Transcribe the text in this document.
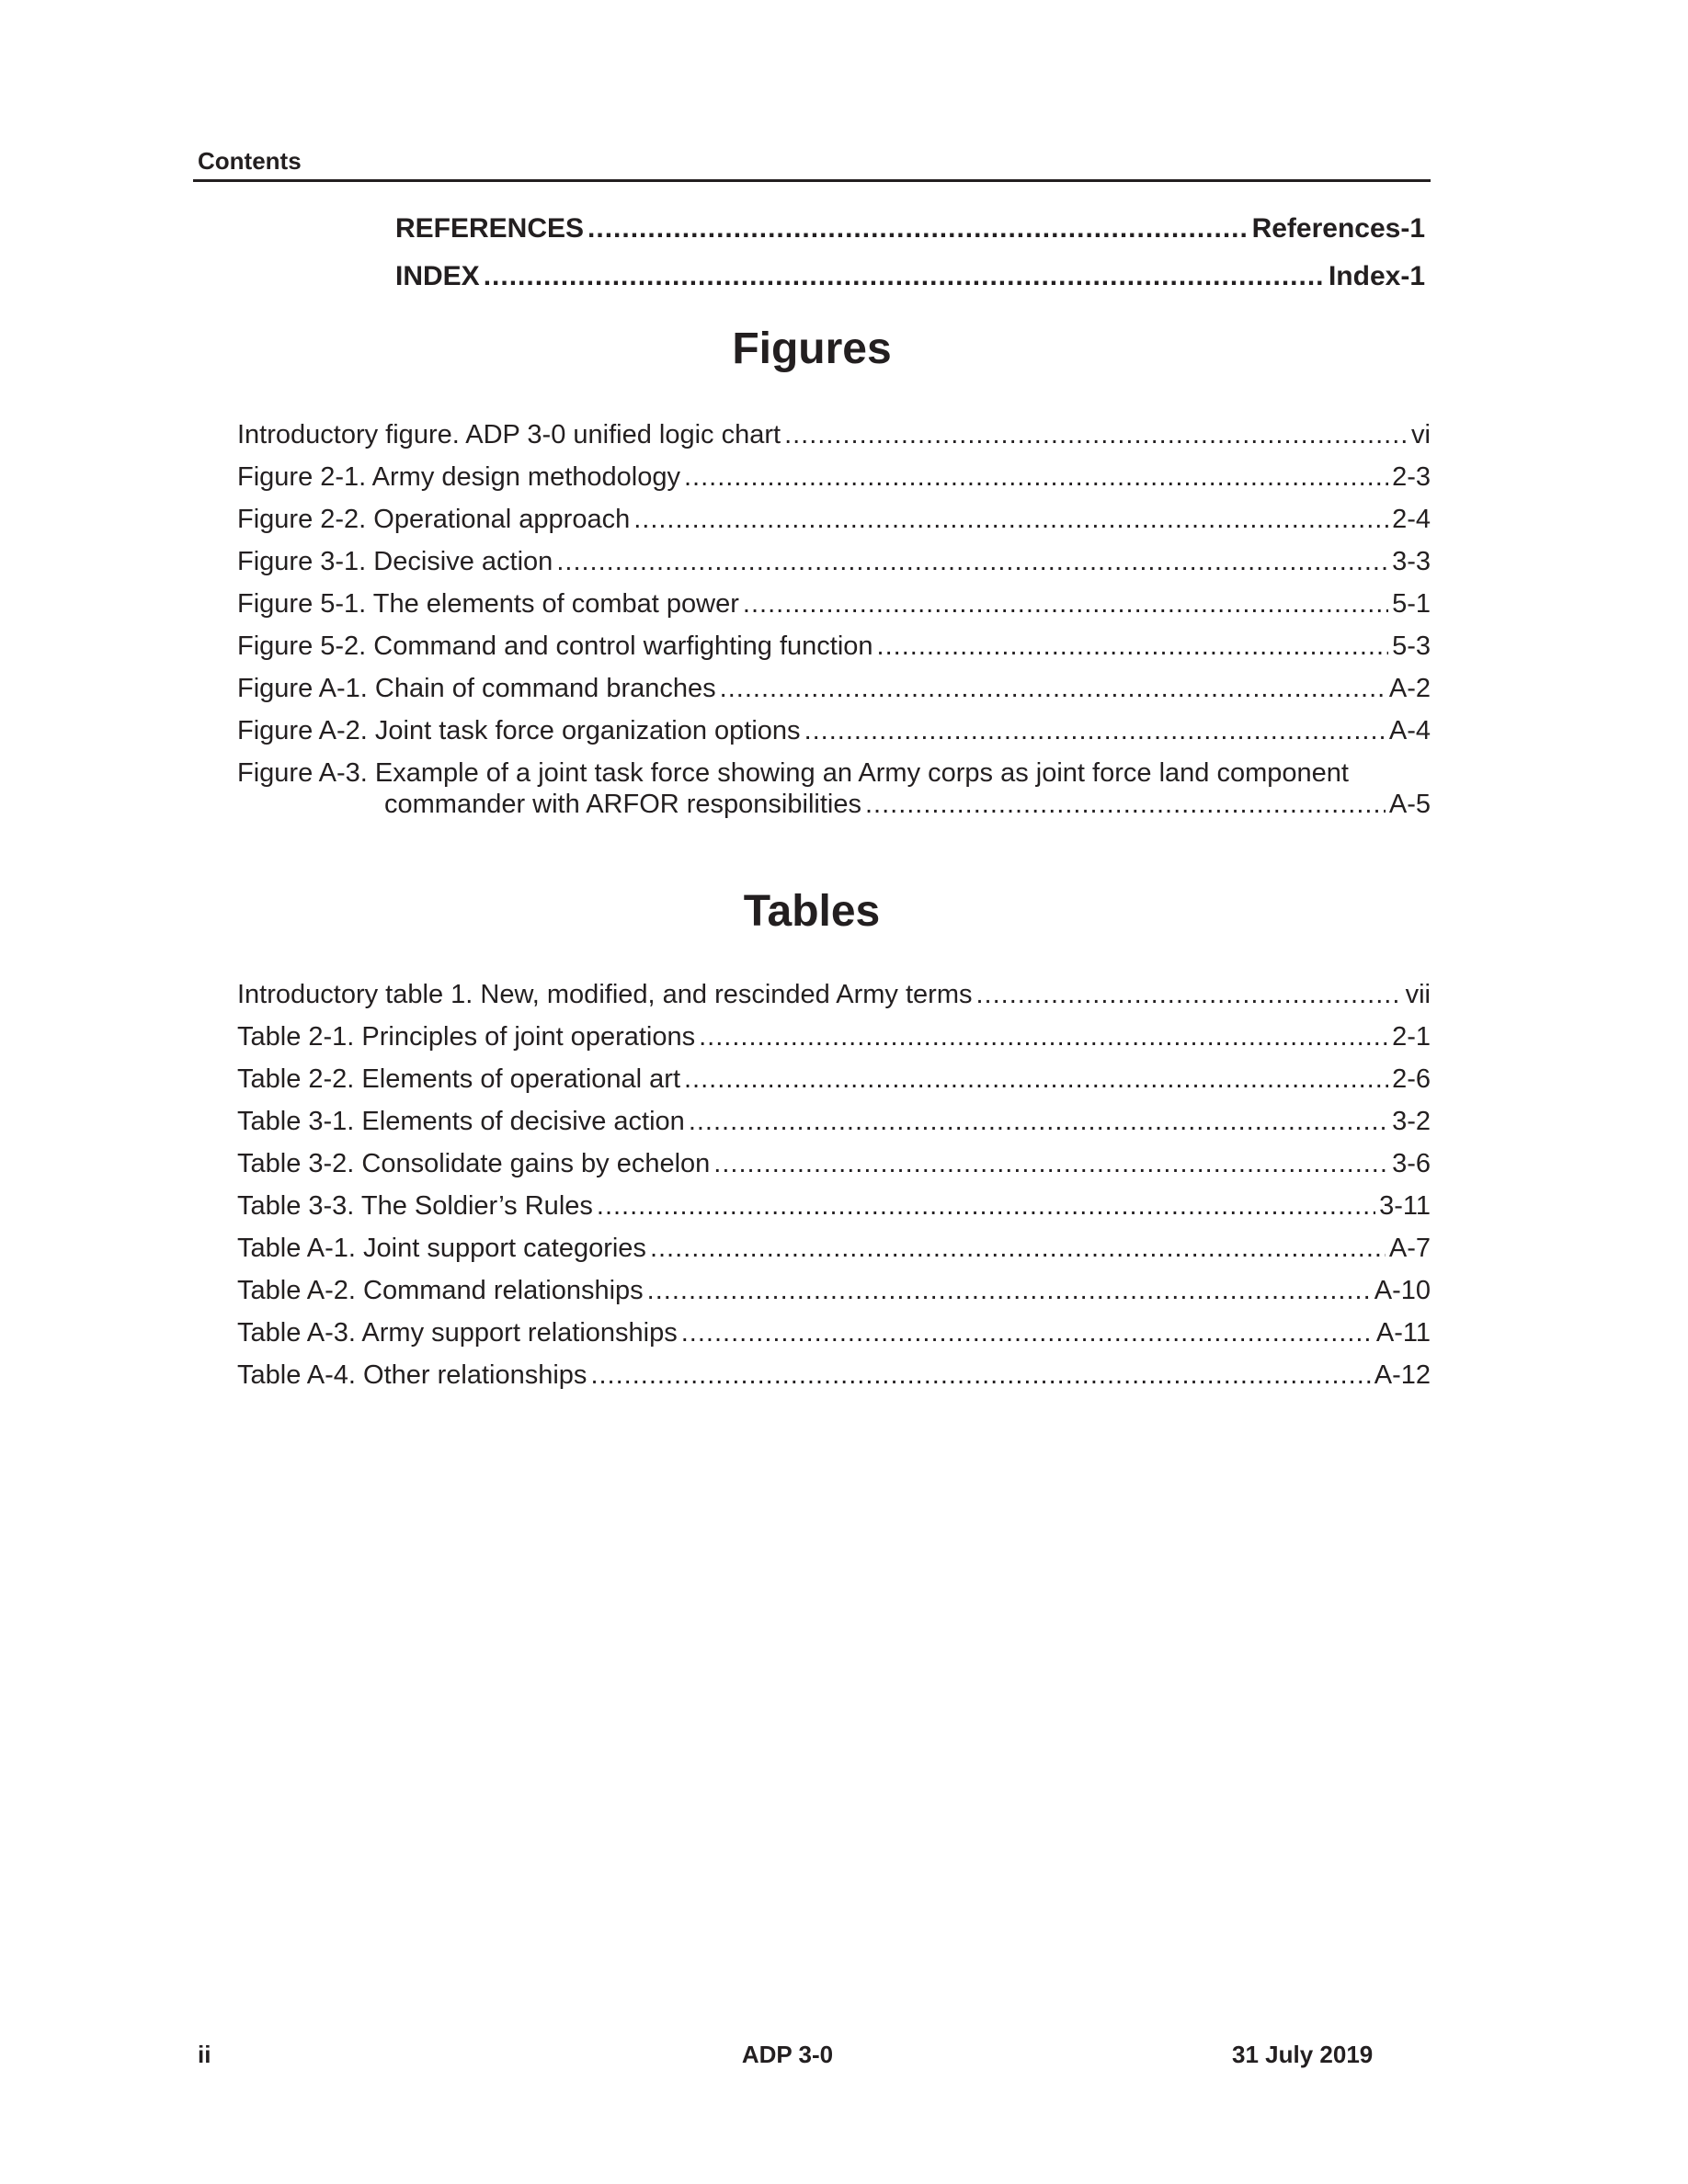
Contents
REFERENCES .....	References-1
INDEX .....	Index-1
Figures
Introductory figure. ADP 3-0 unified logic chart .....	vi
Figure 2-1. Army design methodology .....	2-3
Figure 2-2. Operational approach .....	2-4
Figure 3-1. Decisive action .....	3-3
Figure 5-1. The elements of combat power .....	5-1
Figure 5-2. Command and control warfighting function .....	5-3
Figure A-1. Chain of command branches .....	A-2
Figure A-2. Joint task force organization options .....	A-4
Figure A-3. Example of a joint task force showing an Army corps as joint force land component
commander with ARFOR responsibilities .....	A-5
Tables
Introductory table 1. New, modified, and rescinded Army terms .....	vii
Table 2-1. Principles of joint operations .....	2-1
Table 2-2. Elements of operational art .....	2-6
Table 3-1. Elements of decisive action .....	3-2
Table 3-2. Consolidate gains by echelon .....	3-6
Table 3-3. The Soldier’s Rules .....	3-11
Table A-1. Joint support categories .....	A-7
Table A-2. Command relationships .....	A-10
Table A-3. Army support relationships .....	A-11
Table A-4. Other relationships .....	A-12
ii	ADP 3-0	31 July 2019
